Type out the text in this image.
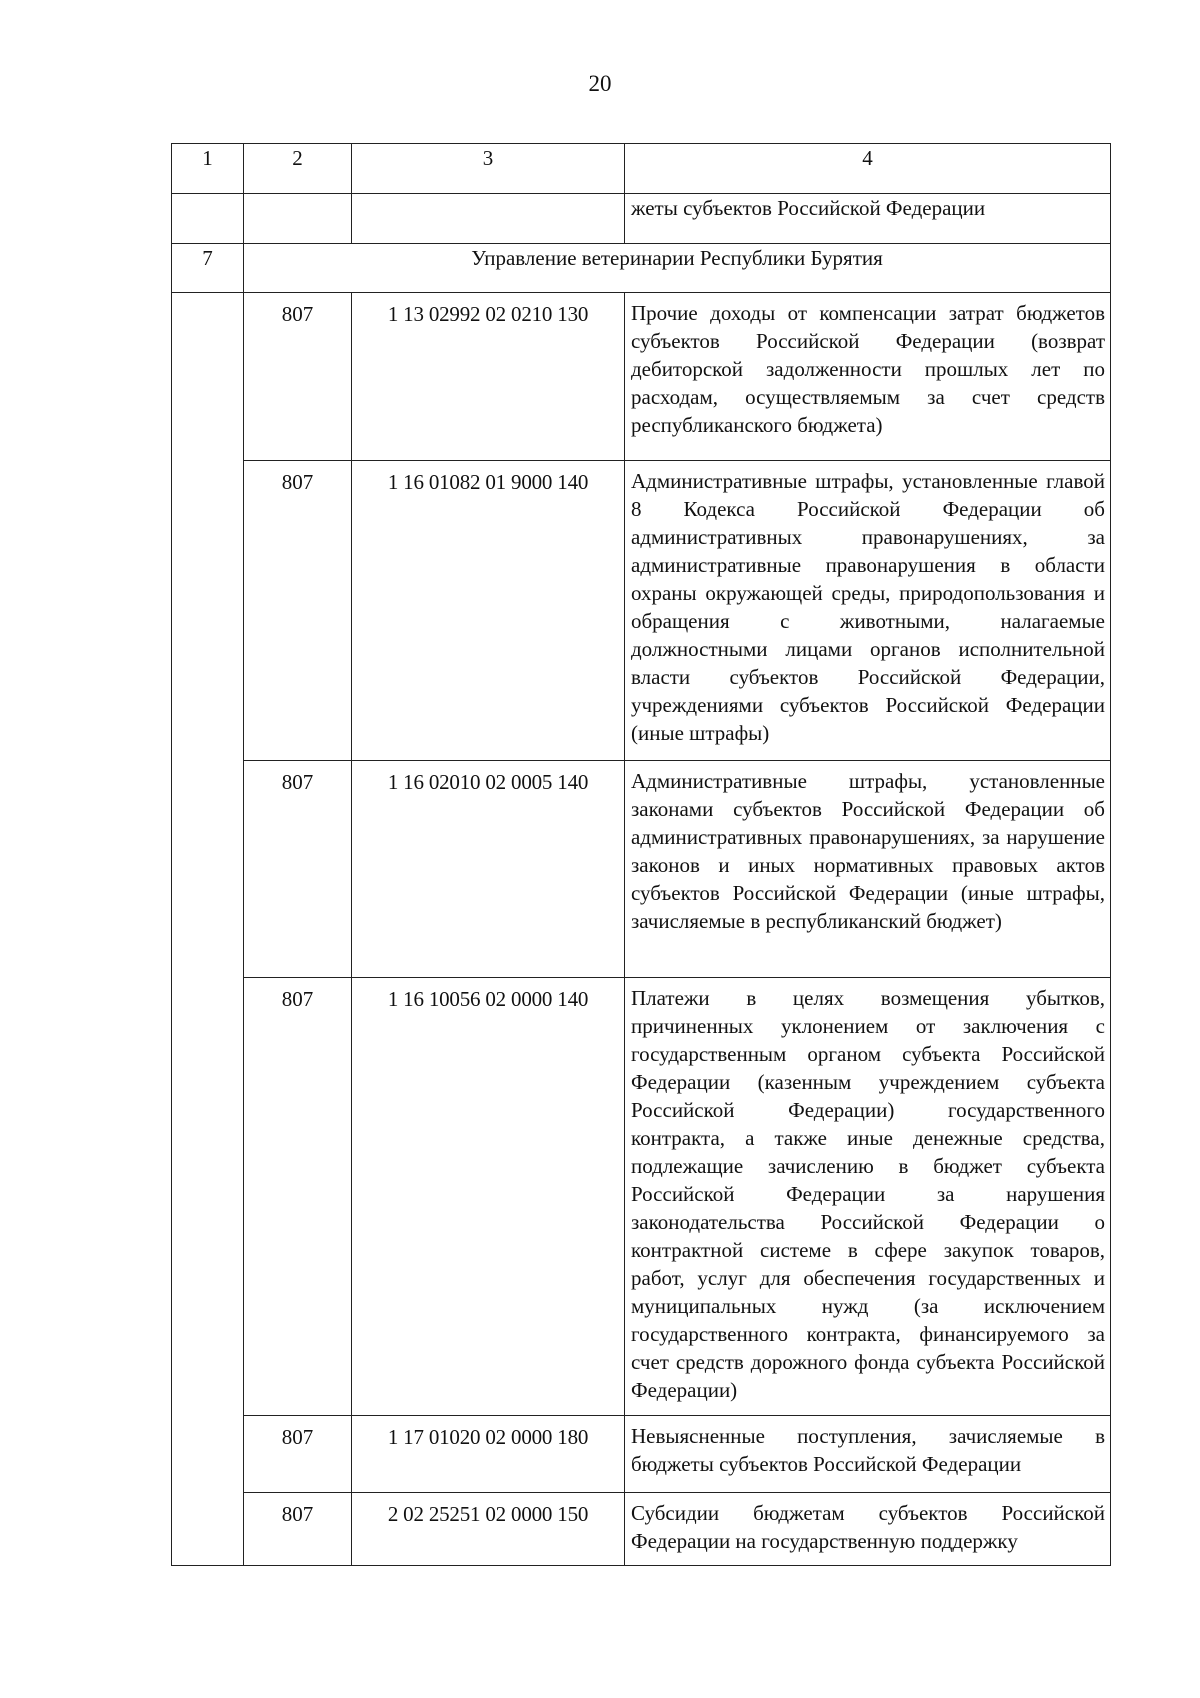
20
1	2	3	4
			жеты субъектов Российской Федерации
7	Управление ветеринарии Республики Бурятия		
	807	1 13 02992 02 0210 130	Прочие доходы от компенсации затрат бюджетов субъектов Российской Федерации (возврат дебиторской задолженности прошлых лет по расходам, осуществляемым за счет средств республиканского бюджета)
	807	1 16 01082 01 9000 140	Административные штрафы, установленные главой 8 Кодекса Российской Федерации об административных правонарушениях, за административные правонарушения в области охраны окружающей среды, природопользования и обращения с животными, налагаемые должностными лицами органов исполнительной власти субъектов Российской Федерации, учреждениями субъектов Российской Федерации (иные штрафы)
	807	1 16 02010 02 0005 140	Административные штрафы, установленные законами субъектов Российской Федерации об административных правонарушениях, за нарушение законов и иных нормативных правовых актов субъектов Российской Федерации (иные штрафы, зачисляемые в республиканский бюджет)
	807	1 16 10056 02 0000 140	Платежи в целях возмещения убытков, причиненных уклонением от заключения с государственным органом субъекта Российской Федерации (казенным учреждением субъекта Российской Федерации) государственного контракта, а также иные денежные средства, подлежащие зачислению в бюджет субъекта Российской Федерации за нарушения законодательства Российской Федерации о контрактной системе в сфере закупок товаров, работ, услуг для обеспечения государственных и муниципальных нужд (за исключением государственного контракта, финансируемого за счет средств дорожного фонда субъекта Российской Федерации)
	807	1 17 01020 02 0000 180	Невыясненные поступления, зачисляемые в бюджеты субъектов Российской Федерации
	807	2 02 25251 02 0000 150	Субсидии бюджетам субъектов Российской Федерации на государственную поддержку
